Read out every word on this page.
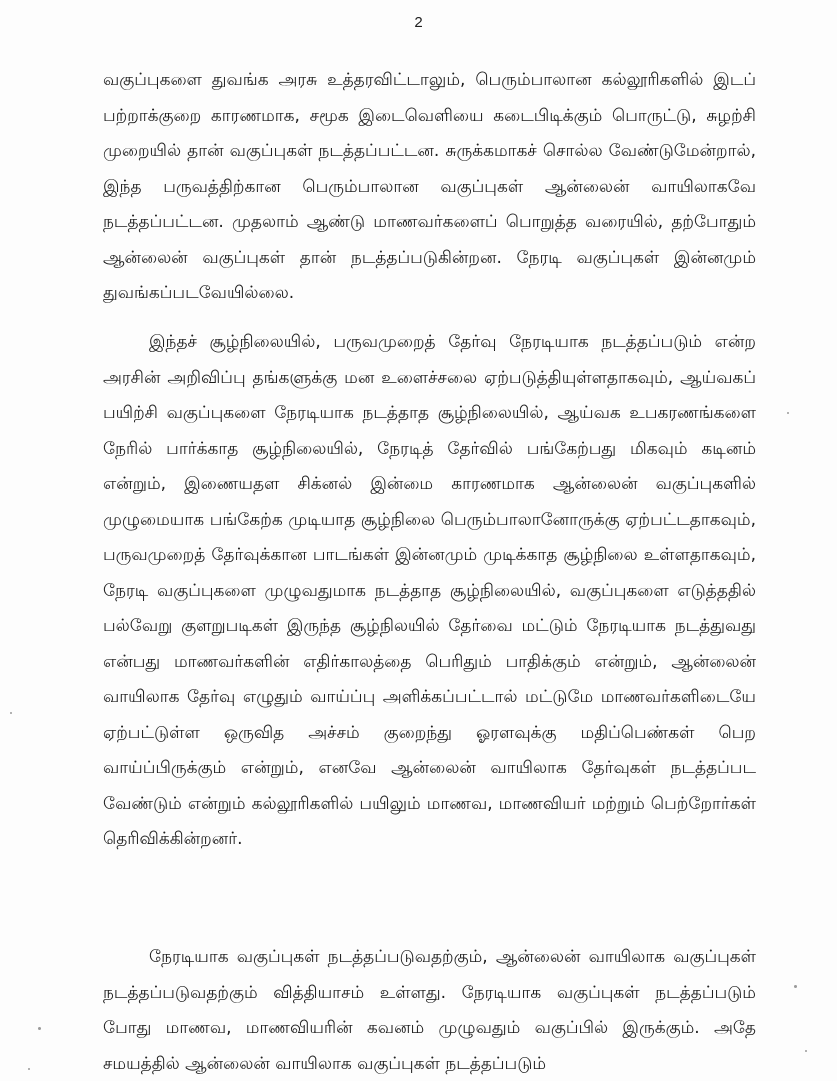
2

வகுப்புகளை துவங்க அரசு உத்தரவிட்டாலும், பெரும்பாலான கல்லூரிகளில் இடப் பற்றாக்குறை காரணமாக, சமூக இடைவெளியை கடைபிடிக்கும் பொருட்டு, சுழற்சி முறையில் தான் வகுப்புகள் நடத்தப்பட்டன. சுருக்கமாகச் சொல்ல வேண்டுமேன்றால், இந்த பருவத்திற்கான பெரும்பாலான வகுப்புகள் ஆன்லைன் வாயிலாகவே நடத்தப்பட்டன. முதலாம் ஆண்டு மாணவர்களைப் பொறுத்த வரையில், தற்போதும் ஆன்லைன் வகுப்புகள் தான் நடத்தப்படுகின்றன. நேரடி வகுப்புகள் இன்னமும் துவங்கப்படவேயில்லை.

இந்தச் சூழ்நிலையில், பருவமுறைத் தேர்வு நேரடியாக நடத்தப்படும் என்ற அரசின் அறிவிப்பு தங்களுக்கு மன உளைச்சலை ஏற்படுத்தியுள்ளதாகவும், ஆய்வகப் பயிற்சி வகுப்புகளை நேரடியாக நடத்தாத சூழ்நிலையில், ஆய்வக உபகரணங்களை நேரில் பார்க்காத சூழ்நிலையில், நேரடித் தேர்வில் பங்கேற்பது மிகவும் கடினம் என்றும், இணையதள சிக்னல் இன்மை காரணமாக ஆன்லைன் வகுப்புகளில் முழுமையாக பங்கேற்க முடியாத சூழ்நிலை பெரும்பாலானோருக்கு ஏற்பட்டதாகவும், பருவமுறைத் தேர்வுக்கான பாடங்கள் இன்னமும் முடிக்காத சூழ்நிலை உள்ளதாகவும், நேரடி வகுப்புகளை முழுவதுமாக நடத்தாத சூழ்நிலையில், வகுப்புகளை எடுத்ததில் பல்வேறு குளறுபடிகள் இருந்த சூழ்நிலயில் தேர்வை மட்டும் நேரடியாக நடத்துவது என்பது மாணவர்களின் எதிர்காலத்தை பெரிதும் பாதிக்கும் என்றும், ஆன்லைன் வாயிலாக தேர்வு எழுதும் வாய்ப்பு அளிக்கப்பட்டால் மட்டுமே மாணவர்களிடையே ஏற்பட்டுள்ள ஒருவித அச்சம் குறைந்து ஓரளவுக்கு மதிப்பெண்கள் பெற வாய்ப்பிருக்கும் என்றும், எனவே ஆன்லைன் வாயிலாக தேர்வுகள் நடத்தப்பட வேண்டும் என்றும் கல்லூரிகளில் பயிலும் மாணவ, மாணவியர் மற்றும் பெற்றோர்கள் தெரிவிக்கின்றனர்.

நேரடியாக வகுப்புகள் நடத்தப்படுவதற்கும், ஆன்லைன் வாயிலாக வகுப்புகள் நடத்தப்படுவதற்கும் வித்தியாசம் உள்ளது. நேரடியாக வகுப்புகள் நடத்தப்படும் போது மாணவ, மாணவியரின் கவனம் முழுவதும் வகுப்பில் இருக்கும். அதே சமயத்தில் ஆன்லைன் வாயிலாக வகுப்புகள் நடத்தப்படும்
